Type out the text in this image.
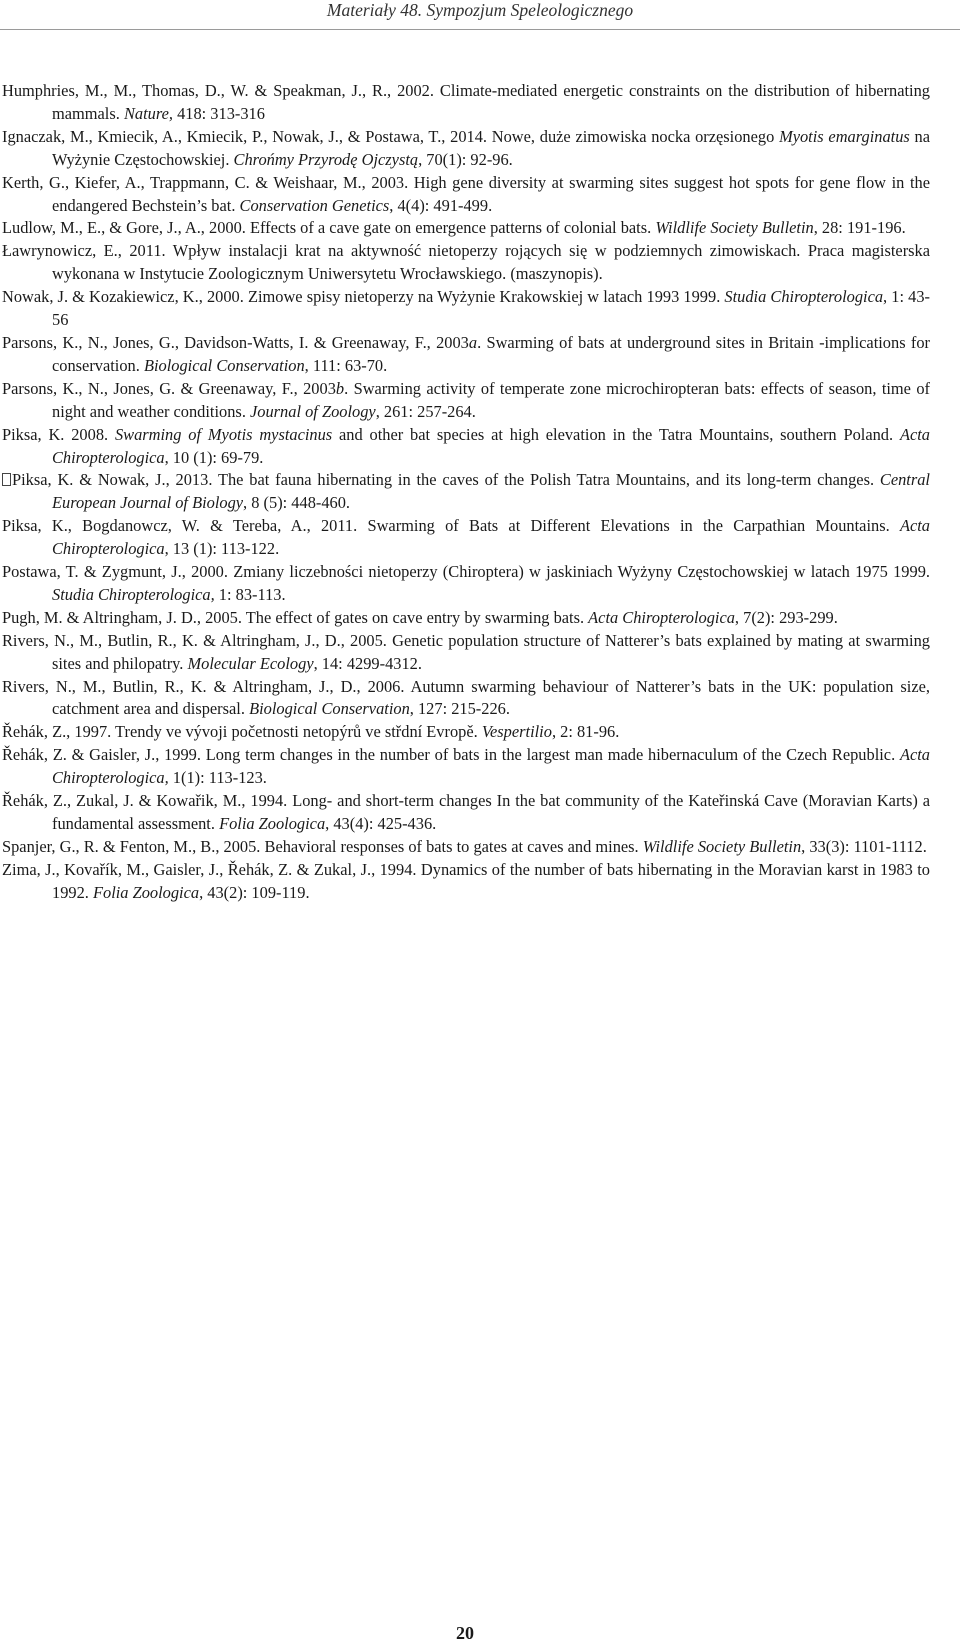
Materiały 48. Sympozjum Speleologicznego
Humphries, M., M., Thomas, D., W. & Speakman, J., R., 2002. Climate-mediated energetic constraints on the distribution of hibernating mammals. Nature, 418: 313-316
Ignaczak, M., Kmiecik, A., Kmiecik, P., Nowak, J., & Postawa, T., 2014. Nowe, duże zimowiska nocka orzęsionego Myotis emarginatus na Wyżynie Częstochowskiej. Chrońmy Przyrodę Ojczystą, 70(1): 92-96.
Kerth, G., Kiefer, A., Trappmann, C. & Weishaar, M., 2003. High gene diversity at swarming sites suggest hot spots for gene flow in the endangered Bechstein’s bat. Conservation Genetics, 4(4): 491-499.
Ludlow, M., E., & Gore, J., A., 2000. Effects of a cave gate on emergence patterns of colonial bats. Wildlife Society Bulletin, 28: 191-196.
Ławrynowicz, E., 2011. Wpływ instalacji krat na aktywność nietoperzy rojących się w podziemnych zimowiskach. Praca magisterska wykonana w Instytucie Zoologicznym Uniwersytetu Wrocławskiego. (maszynopis).
Nowak, J. & Kozakiewicz, K., 2000. Zimowe spisy nietoperzy na Wyżynie Krakowskiej w latach 1993 1999. Studia Chiropterologica, 1: 43-56
Parsons, K., N., Jones, G., Davidson-Watts, I. & Greenaway, F., 2003a. Swarming of bats at underground sites in Britain -implications for conservation. Biological Conservation, 111: 63-70.
Parsons, K., N., Jones, G. & Greenaway, F., 2003b. Swarming activity of temperate zone microchiropteran bats: effects of season, time of night and weather conditions. Journal of Zoology, 261: 257-264.
Piksa, K. 2008. Swarming of Myotis mystacinus and other bat species at high elevation in the Tatra Mountains, southern Poland. Acta Chiropterologica, 10 (1): 69-79.
Piksa, K. & Nowak, J., 2013. The bat fauna hibernating in the caves of the Polish Tatra Mountains, and its long-term changes. Central European Journal of Biology, 8 (5): 448-460.
Piksa, K., Bogdanowcz, W. & Tereba, A., 2011. Swarming of Bats at Different Elevations in the Carpathian Mountains. Acta Chiropterologica, 13 (1): 113-122.
Postawa, T. & Zygmunt, J., 2000. Zmiany liczebności nietoperzy (Chiroptera) w jaskiniach Wyżyny Częstochowskiej w latach 1975 1999. Studia Chiropterologica, 1: 83-113.
Pugh, M. & Altringham, J. D., 2005. The effect of gates on cave entry by swarming bats. Acta Chiropterologica, 7(2): 293-299.
Rivers, N., M., Butlin, R., K. & Altringham, J., D., 2005. Genetic population structure of Natterer’s bats explained by mating at swarming sites and philopatry. Molecular Ecology, 14: 4299-4312.
Rivers, N., M., Butlin, R., K. & Altringham, J., D., 2006. Autumn swarming behaviour of Natterer’s bats in the UK: population size, catchment area and dispersal. Biological Conservation, 127: 215-226.
Řehák, Z., 1997. Trendy ve vývoji početnosti netopýrů ve střdní Evropě. Vespertilio, 2: 81-96.
Řehák, Z. & Gaisler, J., 1999. Long term changes in the number of bats in the largest man made hibernaculum of the Czech Republic. Acta Chiropterologica, 1(1): 113-123.
Řehák, Z., Zukal, J. & Kowařik, M., 1994. Long- and short-term changes In the bat community of the Kateřinská Cave (Moravian Karts) a fundamental assessment. Folia Zoologica, 43(4): 425-436.
Spanjer, G., R. & Fenton, M., B., 2005. Behavioral responses of bats to gates at caves and mines. Wildlife Society Bulletin, 33(3): 1101-1112.
Zima, J., Kovařík, M., Gaisler, J., Řehák, Z. & Zukal, J., 1994. Dynamics of the number of bats hibernating in the Moravian karst in 1983 to 1992. Folia Zoologica, 43(2): 109-119.
20
